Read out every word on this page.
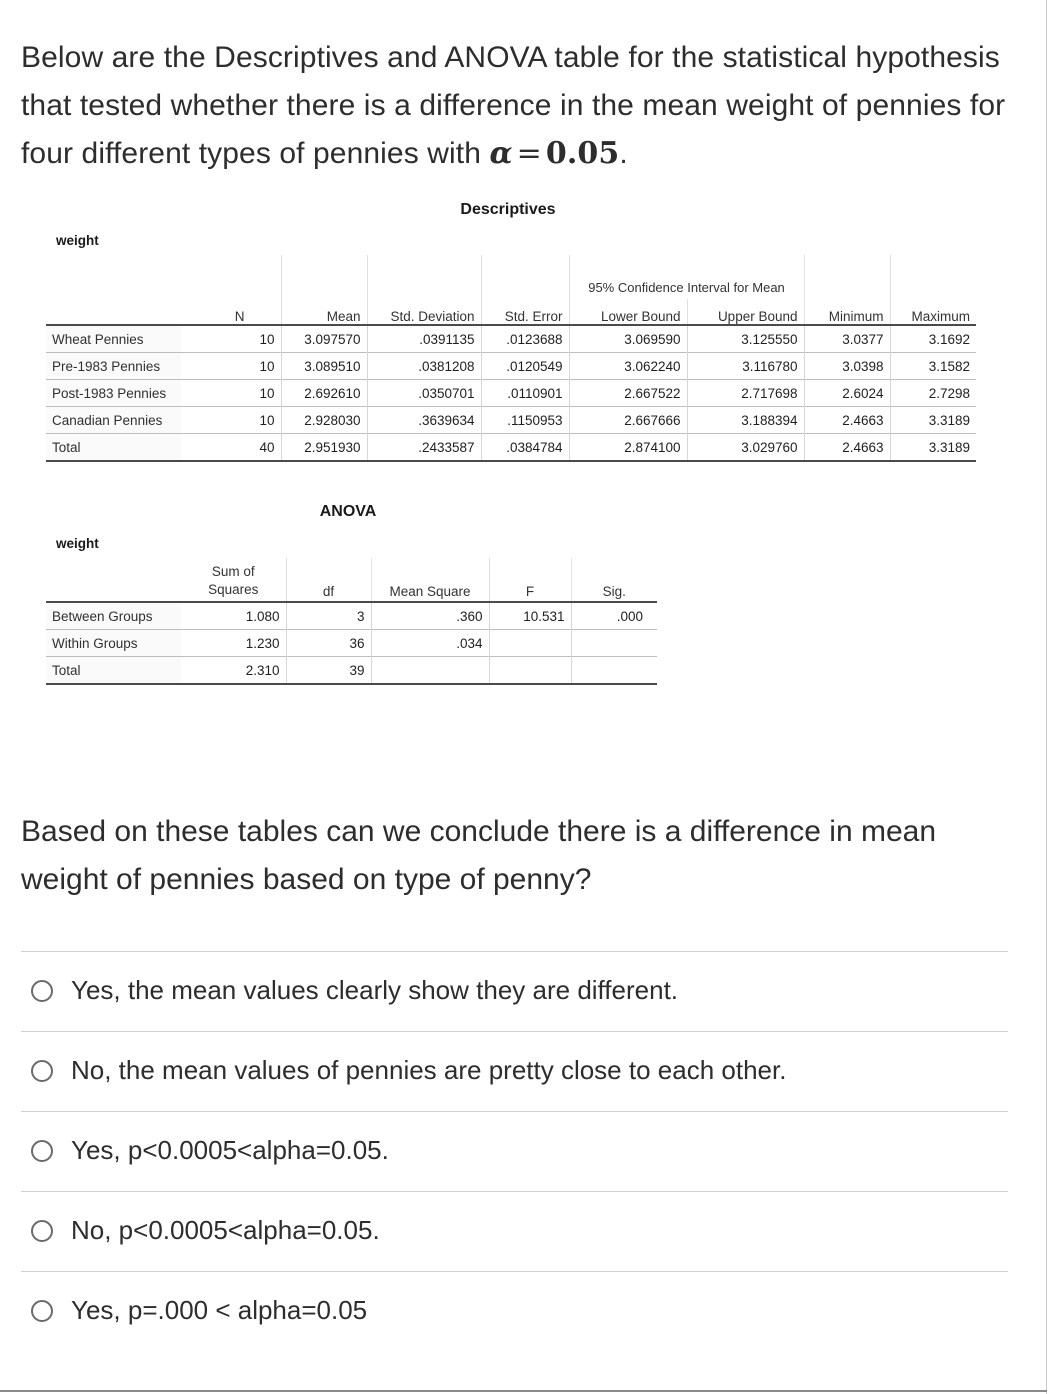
Below are the Descriptives and ANOVA table for the statistical hypothesis that tested whether there is a difference in the mean weight of pennies for four different types of pennies with α = 0.05.
Descriptives
weight
					95% Confidence Interval for Mean			
	N	Mean	Std. Deviation	Std. Error	Lower Bound	Upper Bound	Minimum	Maximum
Wheat Pennies	10	3.097570	.0391135	.0123688	3.069590	3.125550	3.0377	3.1692
Pre-1983 Pennies	10	3.089510	.0381208	.0120549	3.062240	3.116780	3.0398	3.1582
Post-1983 Pennies	10	2.692610	.0350701	.0110901	2.667522	2.717698	2.6024	2.7298
Canadian Pennies	10	2.928030	.3639634	.1150953	2.667666	3.188394	2.4663	3.3189
Total	40	2.951930	.2433587	.0384784	2.874100	3.029760	2.4663	3.3189
ANOVA
weight
	Sum of Squares	df	Mean Square	F	Sig.
Between Groups	1.080	3	.360	10.531	.000
Within Groups	1.230	36	.034		
Total	2.310	39			
Based on these tables can we conclude there is a difference in mean weight of pennies based on type of penny?
Yes, the mean values clearly show they are different.
No, the mean values of pennies are pretty close to each other.
Yes, p<0.0005<alpha=0.05.
No, p<0.0005<alpha=0.05.
Yes, p=.000 < alpha=0.05
